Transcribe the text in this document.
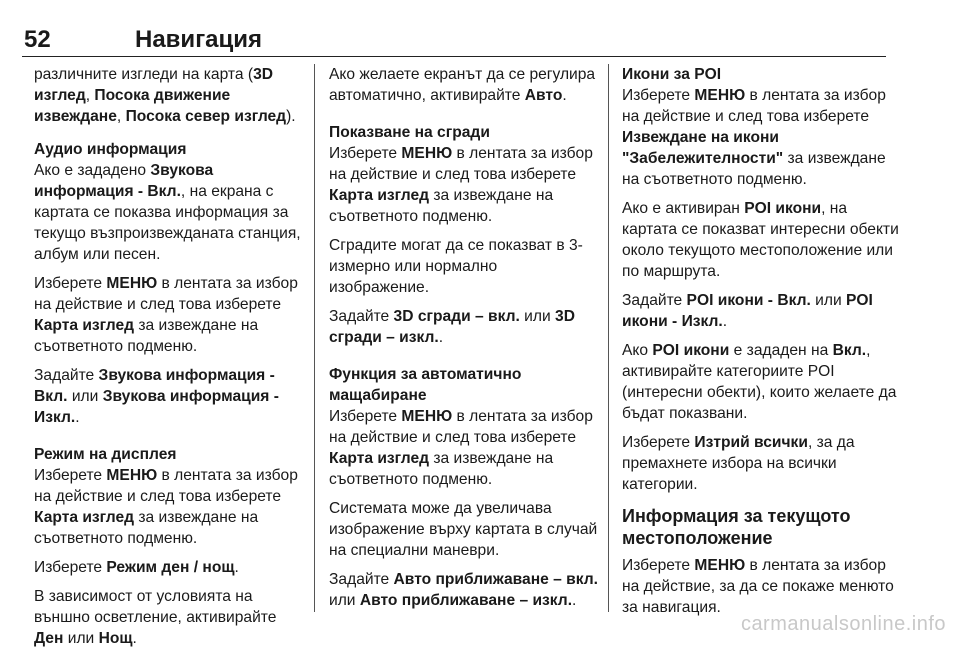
52	Навигация

различните изгледи на карта (3D изглед, Посока движение извеждане, Посока север изглед).

Аудио информация

Ако е зададено Звукова информация - Вкл., на екрана с картата се показва информация за текущо възпроизвежданата станция, албум или песен.

Изберете МЕНЮ в лентата за избор на действие и след това изберете Карта изглед за извеждане на съответното подменю.

Задайте Звукова информация - Вкл. или Звукова информация - Изкл..

Режим на дисплея

Изберете МЕНЮ в лентата за избор на действие и след това изберете Карта изглед за извеждане на съответното подменю.

Изберете Режим ден / нощ.

В зависимост от условията на външно осветление, активирайте Ден или Нощ.

Ако желаете екранът да се регулира автоматично, активирайте Авто.

Показване на сгради

Изберете МЕНЮ в лентата за избор на действие и след това изберете Карта изглед за извеждане на съответното подменю.

Сградите могат да се показват в 3-измерно или нормално изображение.

Задайте 3D сгради – вкл. или 3D сгради – изкл..

Функция за автоматично мащабиране

Изберете МЕНЮ в лентата за избор на действие и след това изберете Карта изглед за извеждане на съответното подменю.

Системата може да увеличава изображение върху картата в случай на специални маневри.

Задайте Авто приближаване – вкл. или Авто приближаване – изкл..

Икони за POI

Изберете МЕНЮ в лентата за избор на действие и след това изберете Извеждане на икони "Забележителности" за извеждане на съответното подменю.

Ако е активиран POI икони, на картата се показват интересни обекти около текущото местоположение или по маршрута.

Задайте POI икони - Вкл. или POI икони - Изкл..

Ако POI икони е зададен на Вкл., активирайте категориите POI (интересни обекти), които желаете да бъдат показвани.

Изберете Изтрий всички, за да премахнете избора на всички категории.

Информация за текущото местоположение

Изберете МЕНЮ в лентата за избор на действие, за да се покаже менюто за навигация.

carmanualsonline.info
